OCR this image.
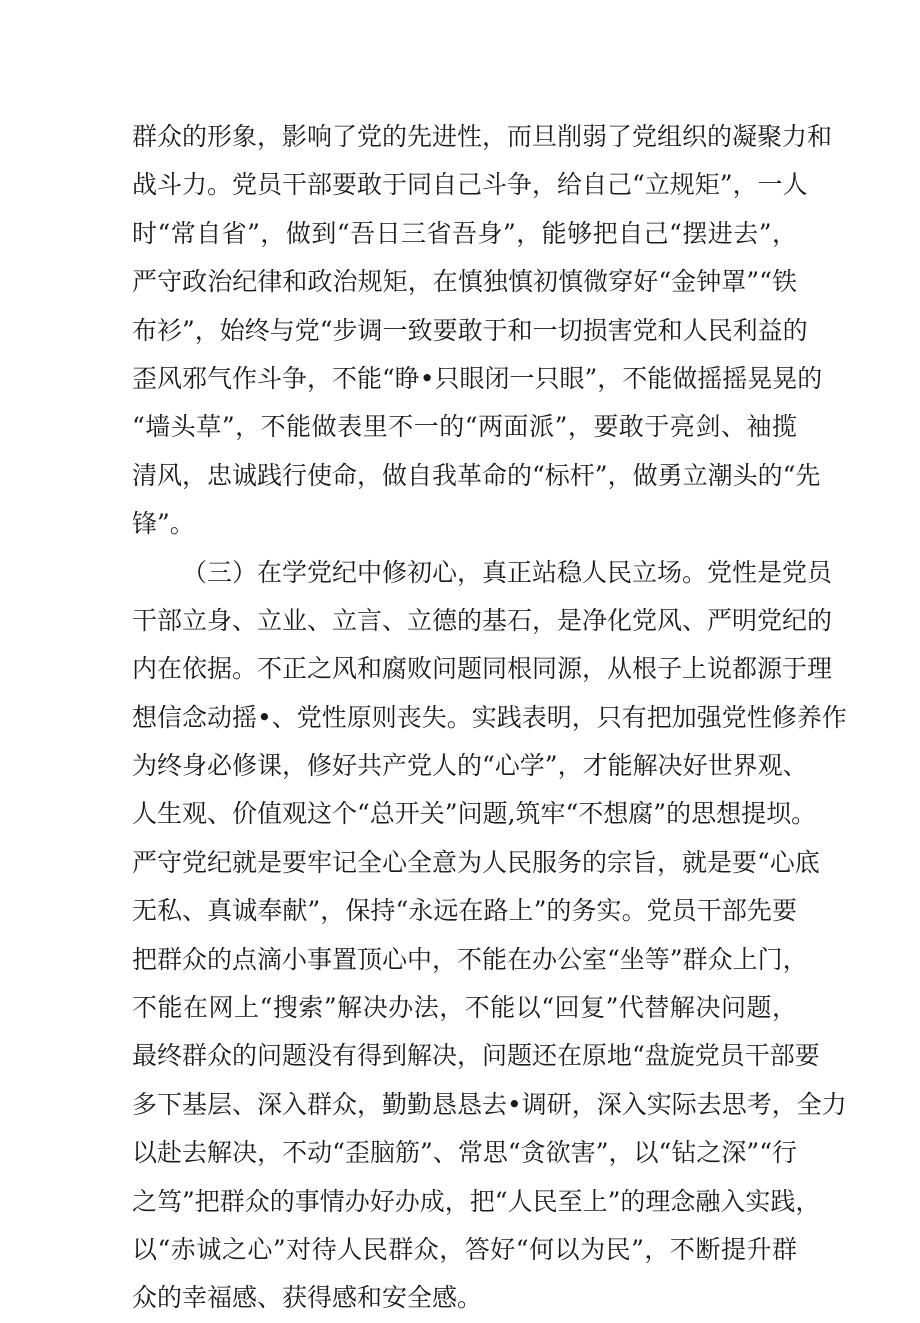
群众的形象，影响了党的先进性，而旦削弱了党组织的凝聚力和
战斗力。党员干部要敢于同自己斗争，给自己“立规矩”，一人
时“常自省”，做到“吾日三省吾身”，能够把自己“摆进去”，
严守政治纪律和政治规矩，在慎独慎初慎微穿好“金钟罩”“铁
布衫”，始终与党“步调一致要敢于和一切损害党和人民利益的
歪风邪气作斗争，不能“睁•只眼闭一只眼”，不能做摇摇晃晃的
“墙头草”，不能做表里不一的“两面派”，要敢于亮剑、袖揽
清风，忠诚践行使命，做自我革命的“标杆”，做勇立潮头的“先
锋”。
（三）在学党纪中修初心，真正站稳人民立场。党性是党员
干部立身、立业、立言、立德的基石，是净化党风、严明党纪的
内在依据。不正之风和腐败问题同根同源，从根子上说都源于理
想信念动摇•、党性原则丧失。实践表明，只有把加强党性修养作
为终身必修课，修好共产党人的“心学”，才能解决好世界观、
人生观、价值观这个“总开关”问题,筑牢“不想腐”的思想提坝。
严守党纪就是要牢记全心全意为人民服务的宗旨，就是要“心底
无私、真诚奉献”，保持“永远在路上”的务实。党员干部先要
把群众的点滴小事置顶心中，不能在办公室“坐等”群众上门，
不能在网上“搜索”解决办法，不能以“回复”代替解决问题，
最终群众的问题没有得到解决，问题还在原地“盘旋党员干部要
多下基层、深入群众，勤勤恳恳去•调研，深入实际去思考，全力
以赴去解决，不动“歪脑筋”、常思“贪欲害”，以“钻之深”“行
之笃”把群众的事情办好办成，把“人民至上”的理念融入实践，
以“赤诚之心”对待人民群众，答好“何以为民”，不断提升群
众的幸福感、获得感和安全感。
